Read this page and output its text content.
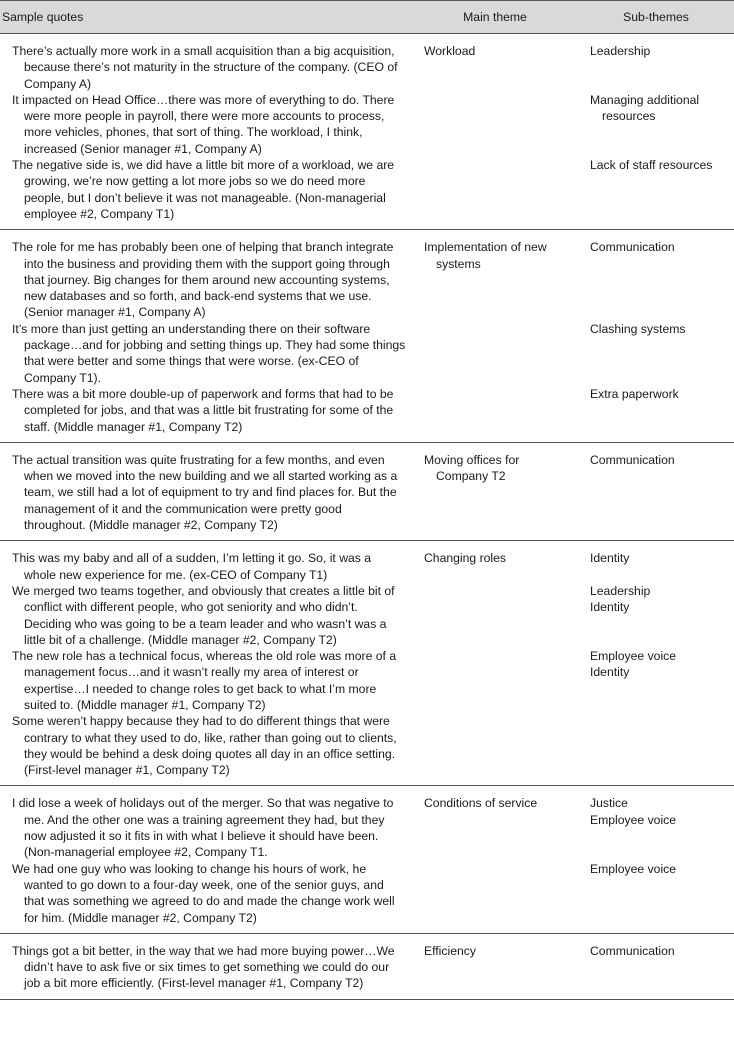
Sample quotes	Main theme	Sub-themes

There’s actually more work in a small acquisition than a big acquisition, because there’s not maturity in the structure of the company. (CEO of Company A)	Workload	Leadership

It impacted on Head Office…there was more of everything to do. There were more people in payroll, there were more accounts to process, more vehicles, phones, that sort of thing. The workload, I think, increased (Senior manager #1, Company A)		Managing additional resources

The negative side is, we did have a little bit more of a workload, we are growing, we’re now getting a lot more jobs so we do need more people, but I don’t believe it was not manageable. (Non-managerial employee #2, Company T1)		Lack of staff resources

The role for me has probably been one of helping that branch integrate into the business and providing them with the support going through that journey. Big changes for them around new accounting systems, new databases and so forth, and back-end systems that we use. (Senior manager #1, Company A)	Implementation of new systems	Communication

It’s more than just getting an understanding there on their software package…and for jobbing and setting things up. They had some things that were better and some things that were worse. (ex-CEO of Company T1).		Clashing systems

There was a bit more double-up of paperwork and forms that had to be completed for jobs, and that was a little bit frustrating for some of the staff. (Middle manager #1, Company T2)		Extra paperwork

The actual transition was quite frustrating for a few months, and even when we moved into the new building and we all started working as a team, we still had a lot of equipment to try and find places for. But the management of it and the communication were pretty good throughout. (Middle manager #2, Company T2)	Moving offices for Company T2	Communication

This was my baby and all of a sudden, I’m letting it go. So, it was a whole new experience for me. (ex-CEO of Company T1)	Changing roles	Identity

We merged two teams together, and obviously that creates a little bit of conflict with different people, who got seniority and who didn’t. Deciding who was going to be a team leader and who wasn’t was a little bit of a challenge. (Middle manager #2, Company T2)		Leadership
Identity

The new role has a technical focus, whereas the old role was more of a management focus…and it wasn’t really my area of interest or expertise…I needed to change roles to get back to what I’m more suited to. (Middle manager #1, Company T2)		Employee voice
Identity

Some weren’t happy because they had to do different things that were contrary to what they used to do, like, rather than going out to clients, they would be behind a desk doing quotes all day in an office setting. (First-level manager #1, Company T2)		

I did lose a week of holidays out of the merger. So that was negative to me. And the other one was a training agreement they had, but they now adjusted it so it fits in with what I believe it should have been. (Non-managerial employee #2, Company T1.	Conditions of service	Justice
Employee voice

We had one guy who was looking to change his hours of work, he wanted to go down to a four-day week, one of the senior guys, and that was something we agreed to do and made the change work well for him. (Middle manager #2, Company T2)		Employee voice

Things got a bit better, in the way that we had more buying power…We didn’t have to ask five or six times to get something we could do our job a bit more efficiently. (First-level manager #1, Company T2)	Efficiency	Communication
